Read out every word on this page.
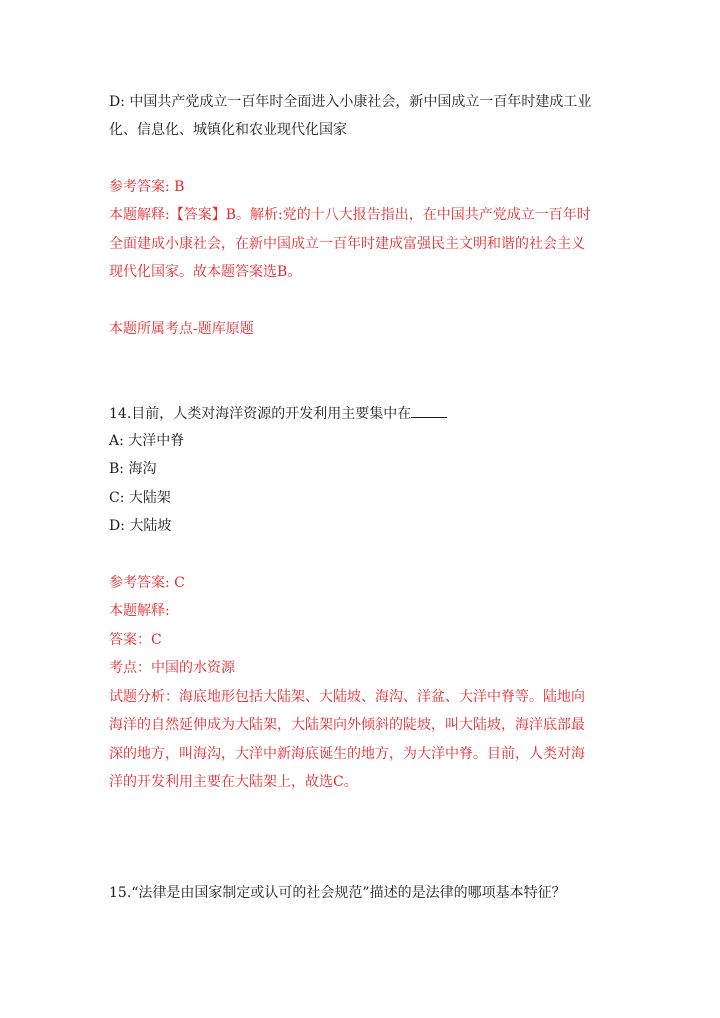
D: 中国共产党成立一百年时全面进入小康社会，新中国成立一百年时建成工业
化、信息化、城镇化和农业现代化国家
参考答案: B
本题解释:【答案】B。解析:党的十八大报告指出，在中国共产党成立一百年时
全面建成小康社会，在新中国成立一百年时建成富强民主文明和谐的社会主义
现代化国家。故本题答案选B。
本题所属考点-题库原题
14.目前，人类对海洋资源的开发利用主要集中在
A: 大洋中脊
B: 海沟
C: 大陆架
D: 大陆坡
参考答案: C
本题解释:
答案：C
考点：中国的水资源
试题分析：海底地形包括大陆架、大陆坡、海沟、洋盆、大洋中脊等。陆地向
海洋的自然延伸成为大陆架，大陆架向外倾斜的陡坡，叫大陆坡，海洋底部最
深的地方，叫海沟，大洋中新海底诞生的地方，为大洋中脊。目前，人类对海
洋的开发利用主要在大陆架上，故选C。
15.“法律是由国家制定或认可的社会规范”描述的是法律的哪项基本特征？
